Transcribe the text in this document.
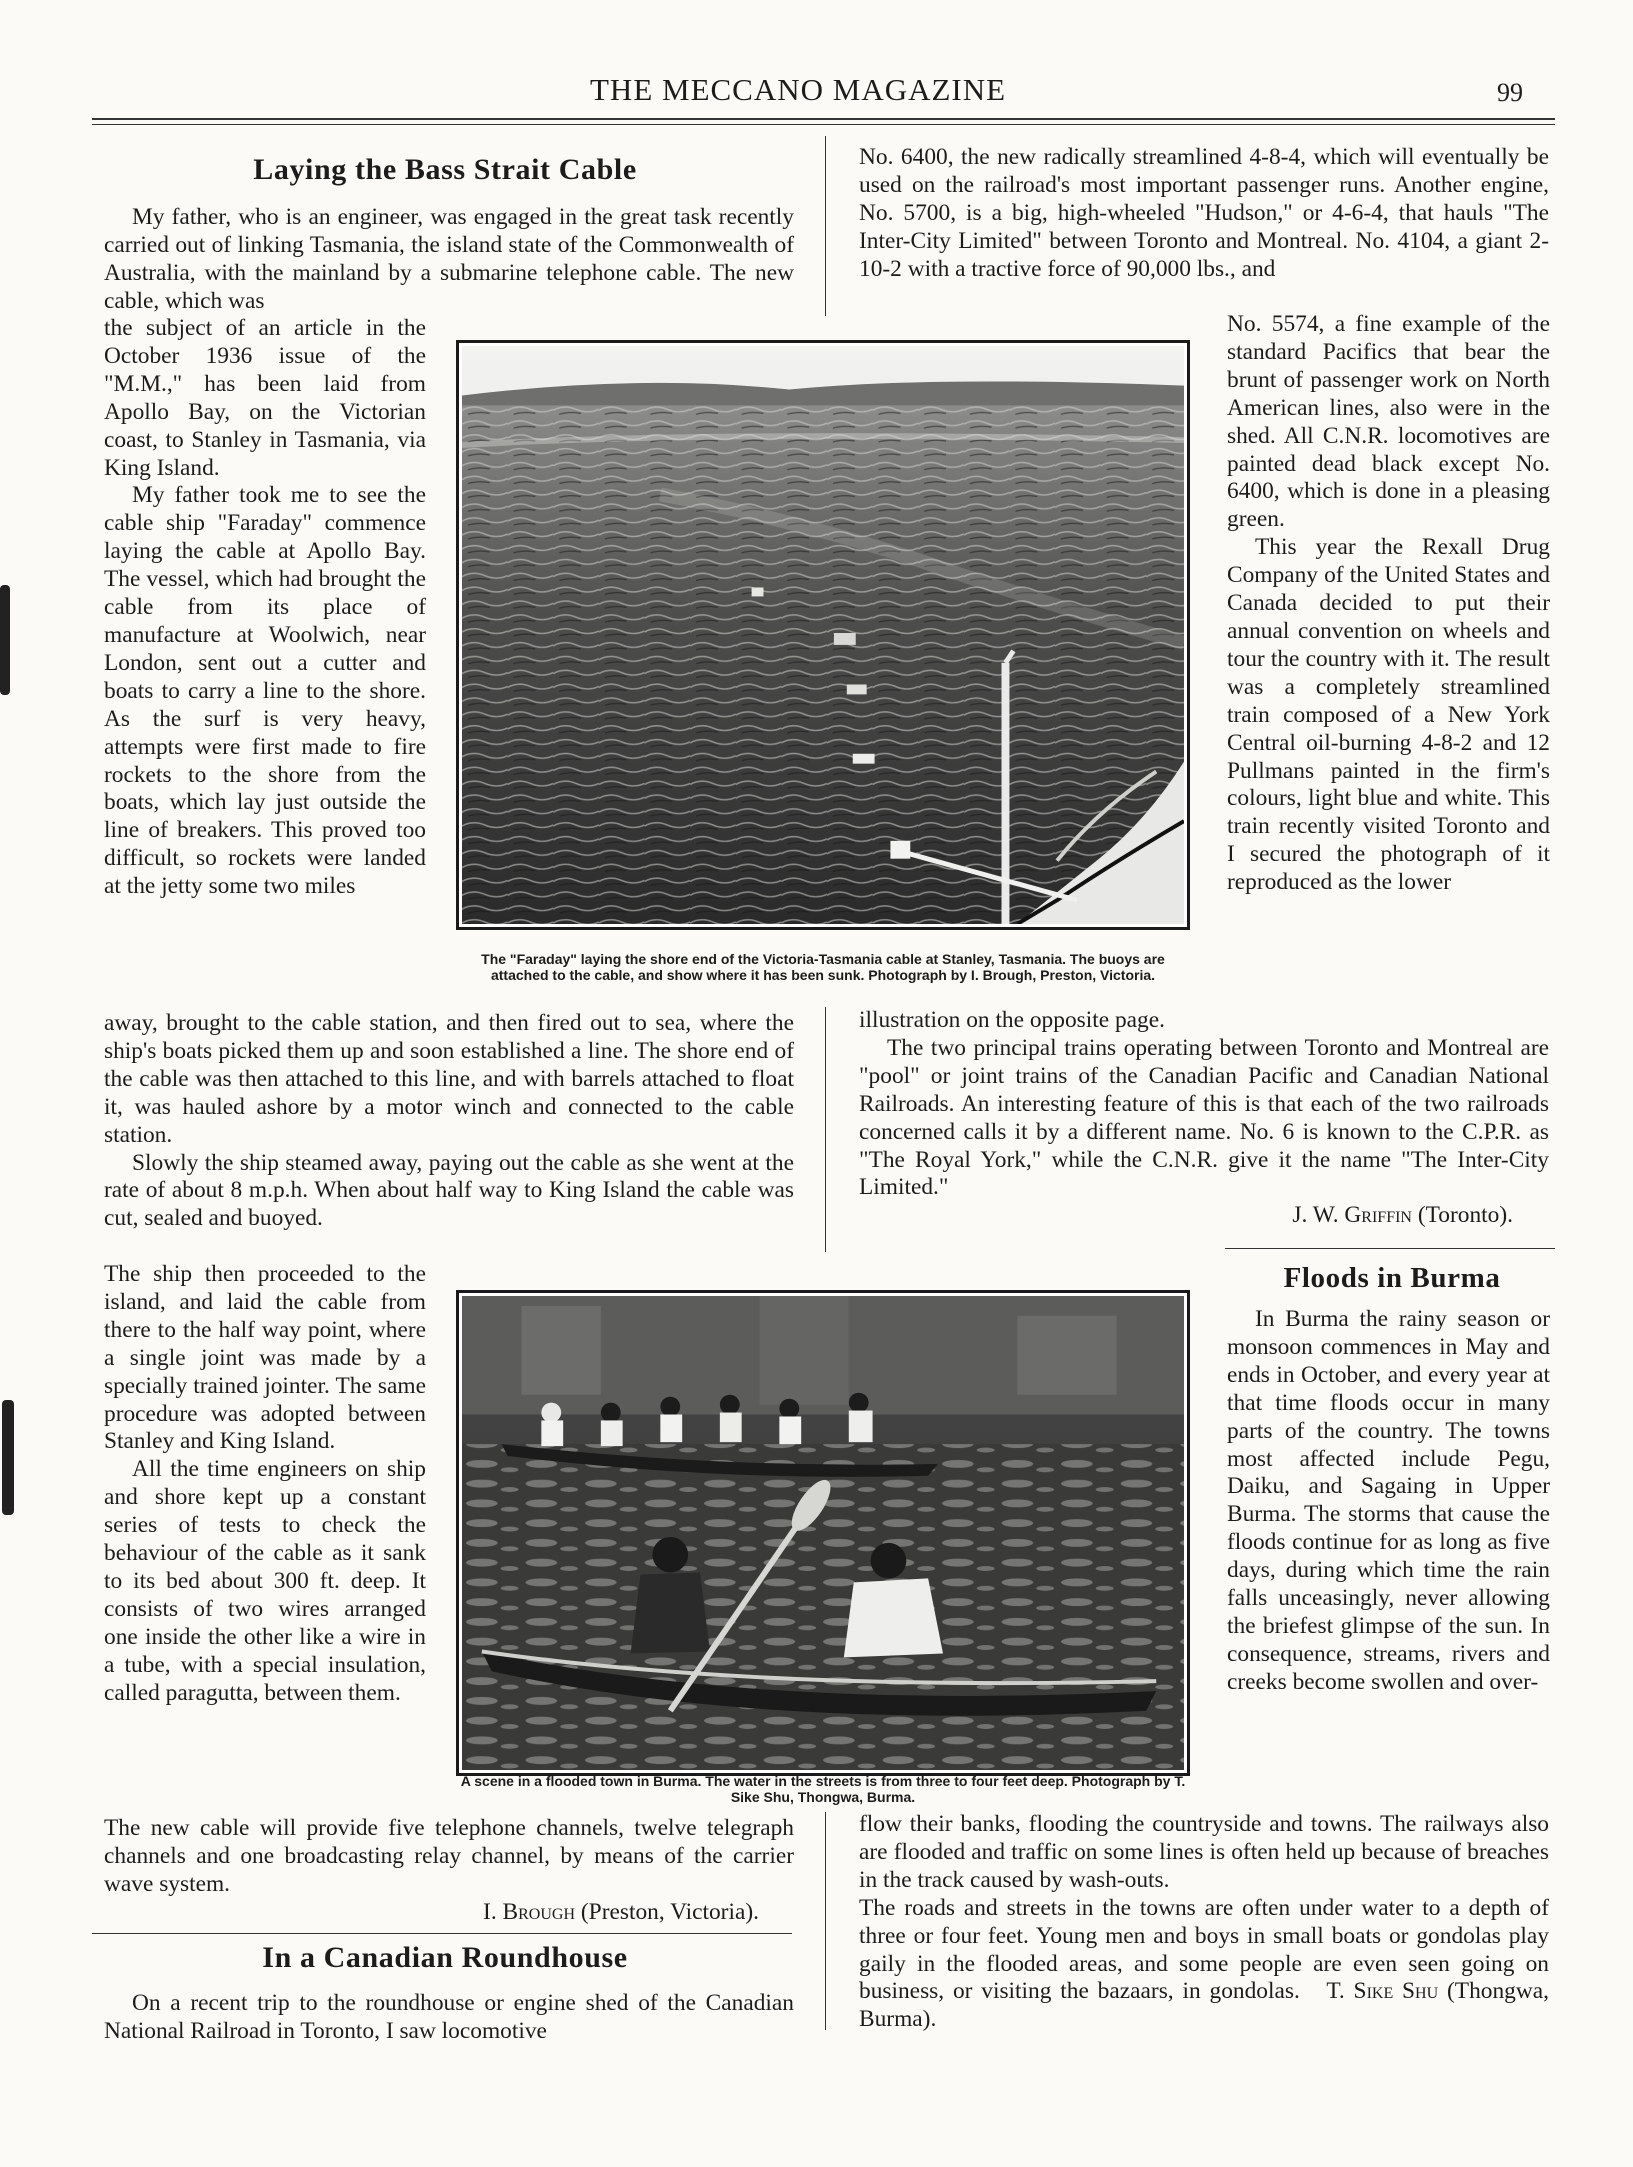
THE MECCANO MAGAZINE	99
Laying the Bass Strait Cable

My father, who is an engineer, was engaged in the great task recently carried out of linking Tasmania, the island state of the Commonwealth of Australia, with the mainland by a submarine telephone cable. The new cable, which was

the subject of an article in the October 1936 issue of the "M.M.," has been laid from Apollo Bay, on the Victorian coast, to Stanley in Tasmania, via King Island.

My father took me to see the cable ship "Faraday" commence laying the cable at Apollo Bay. The vessel, which had brought the cable from its place of manufacture at Woolwich, near London, sent out a cutter and boats to carry a line to the shore. As the surf is very heavy, attempts were first made to fire rockets to the shore from the boats, which lay just outside the line of breakers. This proved too difficult, so rockets were landed at the jetty some two miles

away, brought to the cable station, and then fired out to sea, where the ship's boats picked them up and soon established a line. The shore end of the cable was then attached to this line, and with barrels attached to float it, was hauled ashore by a motor winch and connected to the cable station.

Slowly the ship steamed away, paying out the cable as she went at the rate of about 8 m.p.h. When about half way to King Island the cable was cut, sealed and buoyed.

The ship then proceeded to the island, and laid the cable from there to the half way point, where a single joint was made by a specially trained jointer. The same procedure was adopted between Stanley and King Island.

All the time engineers on ship and shore kept up a constant series of tests to check the behaviour of the cable as it sank to its bed about 300 ft. deep. It consists of two wires arranged one inside the other like a wire in a tube, with a special insulation, called paragutta, between them.

The new cable will provide five telephone channels, twelve telegraph channels and one broadcasting relay channel, by means of the carrier wave system.

I. Brough (Preston, Victoria).

In a Canadian Roundhouse

On a recent trip to the roundhouse or engine shed of the Canadian National Railroad in Toronto, I saw locomotive

No. 6400, the new radically streamlined 4-8-4, which will eventually be used on the railroad's most important passenger runs. Another engine, No. 5700, is a big, high-wheeled "Hudson," or 4-6-4, that hauls "The Inter-City Limited" between Toronto and Montreal. No. 4104, a giant 2-10-2 with a tractive force of 90,000 lbs., and

No. 5574, a fine example of the standard Pacifics that bear the brunt of passenger work on North American lines, also were in the shed. All C.N.R. locomotives are painted dead black except No. 6400, which is done in a pleasing green.

This year the Rexall Drug Company of the United States and Canada decided to put their annual convention on wheels and tour the country with it. The result was a completely streamlined train composed of a New York Central oil-burning 4-8-2 and 12 Pullmans painted in the firm's colours, light blue and white. This train recently visited Toronto and I secured the photograph of it reproduced as the lower

illustration on the opposite page.

The two principal trains operating between Toronto and Montreal are "pool" or joint trains of the Canadian Pacific and Canadian National Railroads. An interesting feature of this is that each of the two railroads concerned calls it by a different name. No. 6 is known to the C.P.R. as "The Royal York," while the C.N.R. give it the name "The Inter-City Limited."

J. W. Griffin (Toronto).

Floods in Burma

In Burma the rainy season or monsoon commences in May and ends in October, and every year at that time floods occur in many parts of the country. The towns most affected include Pegu, Daiku, and Sagaing in Upper Burma. The storms that cause the floods continue for as long as five days, during which time the rain falls unceasingly, never allowing the briefest glimpse of the sun. In consequence, streams, rivers and creeks become swollen and over-

flow their banks, flooding the countryside and towns. The railways also are flooded and traffic on some lines is often held up because of breaches in the track caused by wash-outs.

The roads and streets in the towns are often under water to a depth of three or four feet. Young men and boys in small boats or gondolas play gaily in the flooded areas, and some people are even seen going on business, or visiting the bazaars, in gondolas. T. Sike Shu (Thongwa, Burma).
The "Faraday" laying the shore end of the Victoria-Tasmania cable at Stanley, Tasmania. The buoys are attached to the cable, and show where it has been sunk. Photograph by I. Brough, Preston, Victoria.
A scene in a flooded town in Burma. The water in the streets is from three to four feet deep. Photograph by T. Sike Shu, Thongwa, Burma.
